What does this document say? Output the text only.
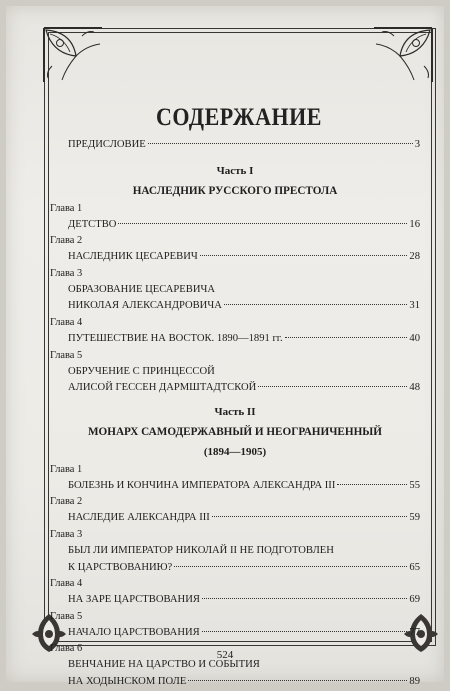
СОДЕРЖАНИЕ
ПРЕДИСЛОВИЕ	3
Часть I
НАСЛЕДНИК РУССКОГО ПРЕСТОЛА
Глава 1
ДЕТСТВО	16
Глава 2
НАСЛЕДНИК ЦЕСАРЕВИЧ	28
Глава 3
ОБРАЗОВАНИЕ ЦЕСАРЕВИЧА
НИКОЛАЯ АЛЕКСАНДРОВИЧА	31
Глава 4
ПУТЕШЕСТВИЕ НА ВОСТОК. 1890—1891 гг.	40
Глава 5
ОБРУЧЕНИЕ С ПРИНЦЕССОЙ
АЛИСОЙ ГЕССЕН ДАРМШТАДТСКОЙ	48
Часть II
МОНАРХ САМОДЕРЖАВНЫЙ И НЕОГРАНИЧЕННЫЙ
(1894—1905)
Глава 1
БОЛЕЗНЬ И КОНЧИНА ИМПЕРАТОРА АЛЕКСАНДРА III	55
Глава 2
НАСЛЕДИЕ АЛЕКСАНДРА III	59
Глава 3
БЫЛ ЛИ ИМПЕРАТОР НИКОЛАЙ II НЕ ПОДГОТОВЛЕН
К ЦАРСТВОВАНИЮ?	65
Глава 4
НА ЗАРЕ ЦАРСТВОВАНИЯ	69
Глава 5
НАЧАЛО ЦАРСТВОВАНИЯ	77
Глава 6
ВЕНЧАНИЕ НА ЦАРСТВО И СОБЫТИЯ
НА ХОДЫНСКОМ ПОЛЕ	89
524
